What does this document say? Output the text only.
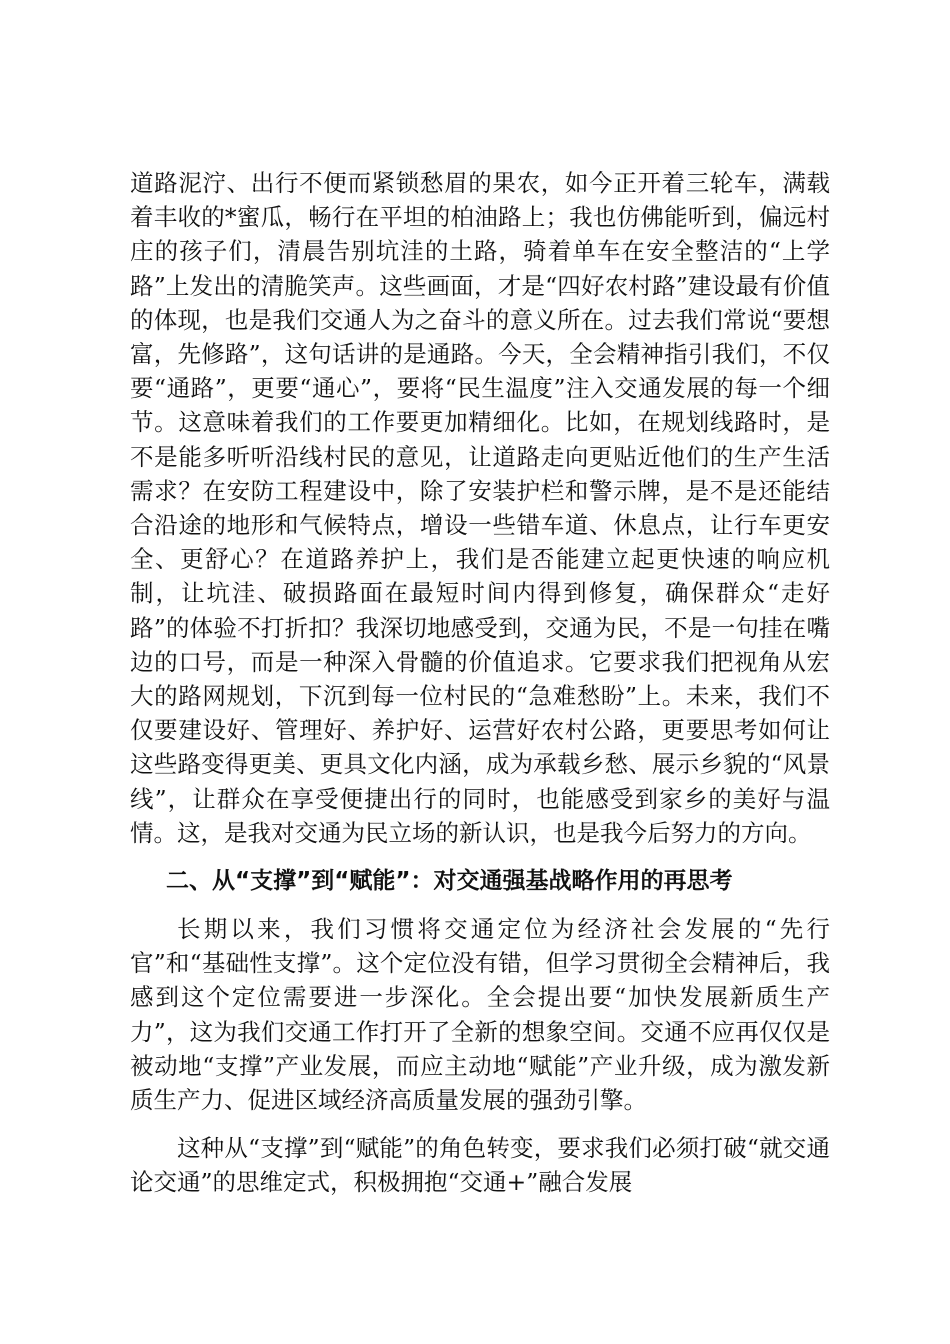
道路泥泞、出行不便而紧锁愁眉的果农，如今正开着三轮车，满载着丰收的*蜜瓜，畅行在平坦的柏油路上；我也仿佛能听到，偏远村庄的孩子们，清晨告别坑洼的土路，骑着单车在安全整洁的“上学路”上发出的清脆笑声。这些画面，才是“四好农村路”建设最有价值的体现，也是我们交通人为之奋斗的意义所在。过去我们常说“要想富，先修路”，这句话讲的是通路。今天，全会精神指引我们，不仅要“通路”，更要“通心”，要将“民生温度”注入交通发展的每一个细节。这意味着我们的工作要更加精细化。比如，在规划线路时，是不是能多听听沿线村民的意见，让道路走向更贴近他们的生产生活需求？在安防工程建设中，除了安装护栏和警示牌，是不是还能结合沿途的地形和气候特点，增设一些错车道、休息点，让行车更安全、更舒心？在道路养护上，我们是否能建立起更快速的响应机制，让坑洼、破损路面在最短时间内得到修复，确保群众“走好路”的体验不打折扣？我深切地感受到，交通为民，不是一句挂在嘴边的口号，而是一种深入骨髓的价值追求。它要求我们把视角从宏大的路网规划，下沉到每一位村民的“急难愁盼”上。未来，我们不仅要建设好、管理好、养护好、运营好农村公路，更要思考如何让这些路变得更美、更具文化内涵，成为承载乡愁、展示乡貌的“风景线”，让群众在享受便捷出行的同时，也能感受到家乡的美好与温情。这，是我对交通为民立场的新认识，也是我今后努力的方向。

二、从“支撑”到“赋能”：对交通强基战略作用的再思考

长期以来，我们习惯将交通定位为经济社会发展的“先行官”和“基础性支撑”。这个定位没有错，但学习贯彻全会精神后，我感到这个定位需要进一步深化。全会提出要“加快发展新质生产力”，这为我们交通工作打开了全新的想象空间。交通不应再仅仅是被动地“支撑”产业发展，而应主动地“赋能”产业升级，成为激发新质生产力、促进区域经济高质量发展的强劲引擎。

这种从“支撑”到“赋能”的角色转变，要求我们必须打破“就交通论交通”的思维定式，积极拥抱“交通+”融合发展
